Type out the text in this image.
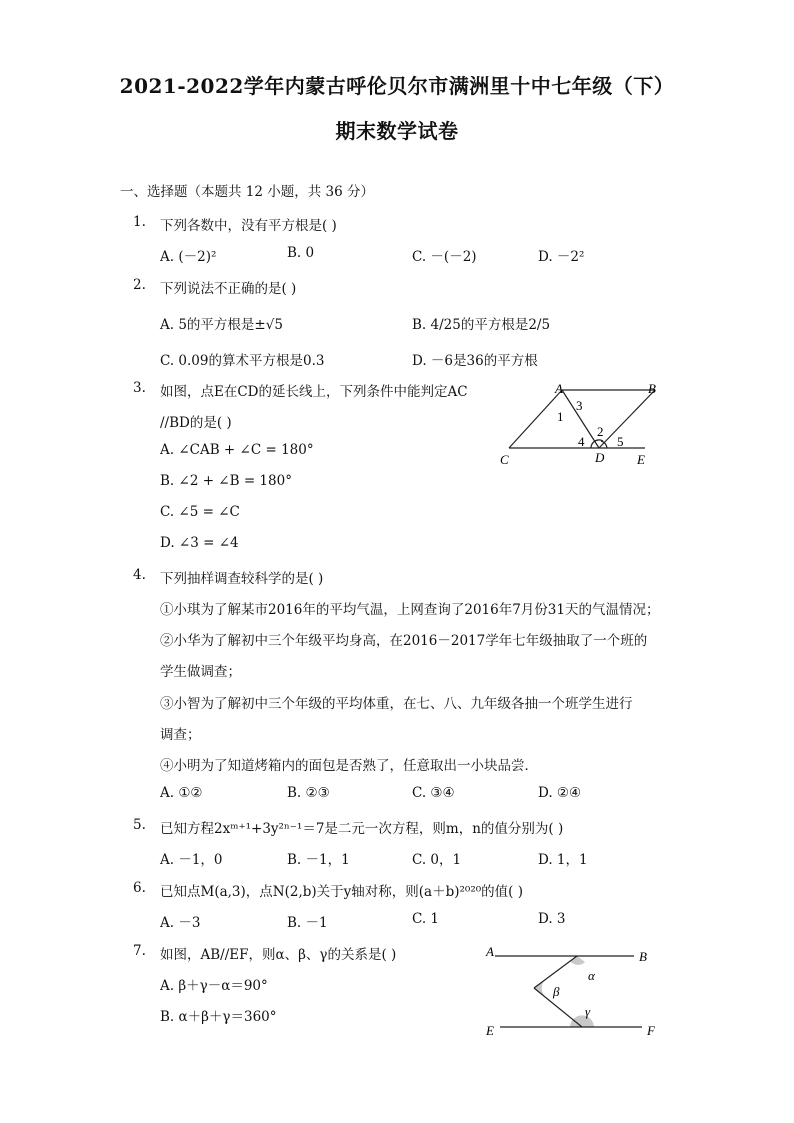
2021-2022学年内蒙古呼伦贝尔市满洲里十中七年级（下）
期末数学试卷
一、选择题（本题共 12 小题，共 36 分）
1. 下列各数中，没有平方根是( )
A. (－2)²	B. 0	C. －(－2)	D. －2²
2. 下列说法不正确的是( )
A. 5的平方根是±√5	B. 4/25的平方根是2/5
C. 0.09的算术平方根是0.3	D. －6是36的平方根
3. 如图，点E在CD的延长线上，下列条件中能判定AC
//BD的是( )
A. ∠CAB + ∠C = 180°
B. ∠2 + ∠B = 180°
C. ∠5 = ∠C
D. ∠3 = ∠4
A	B
C	D	E
1
2
3
4	5
4. 下列抽样调查较科学的是( )
①小琪为了解某市2016年的平均气温，上网查询了2016年7月份31天的气温情况；
②小华为了解初中三个年级平均身高，在2016－2017学年七年级抽取了一个班的
学生做调查；
③小智为了解初中三个年级的平均体重，在七、八、九年级各抽一个班学生进行
调查；
④小明为了知道烤箱内的面包是否熟了，任意取出一小块品尝．
A. ①②	B. ②③	C. ③④	D. ②④
5. 已知方程2xᵐ⁺¹+3y²ⁿ⁻¹＝7是二元一次方程，则m，n的值分别为( )
A. －1，0	B. －1，1	C. 0，1	D. 1，1
6. 已知点M(a,3)，点N(2,b)关于y轴对称，则(a＋b)²⁰²⁰的值( )
A. －3	B. －1	C. 1	D. 3
7. 如图，AB//EF，则α、β、γ的关系是( )
A. β＋γ－α＝90°
B. α＋β＋γ＝360°
A	B
E	F
α
β
γ
